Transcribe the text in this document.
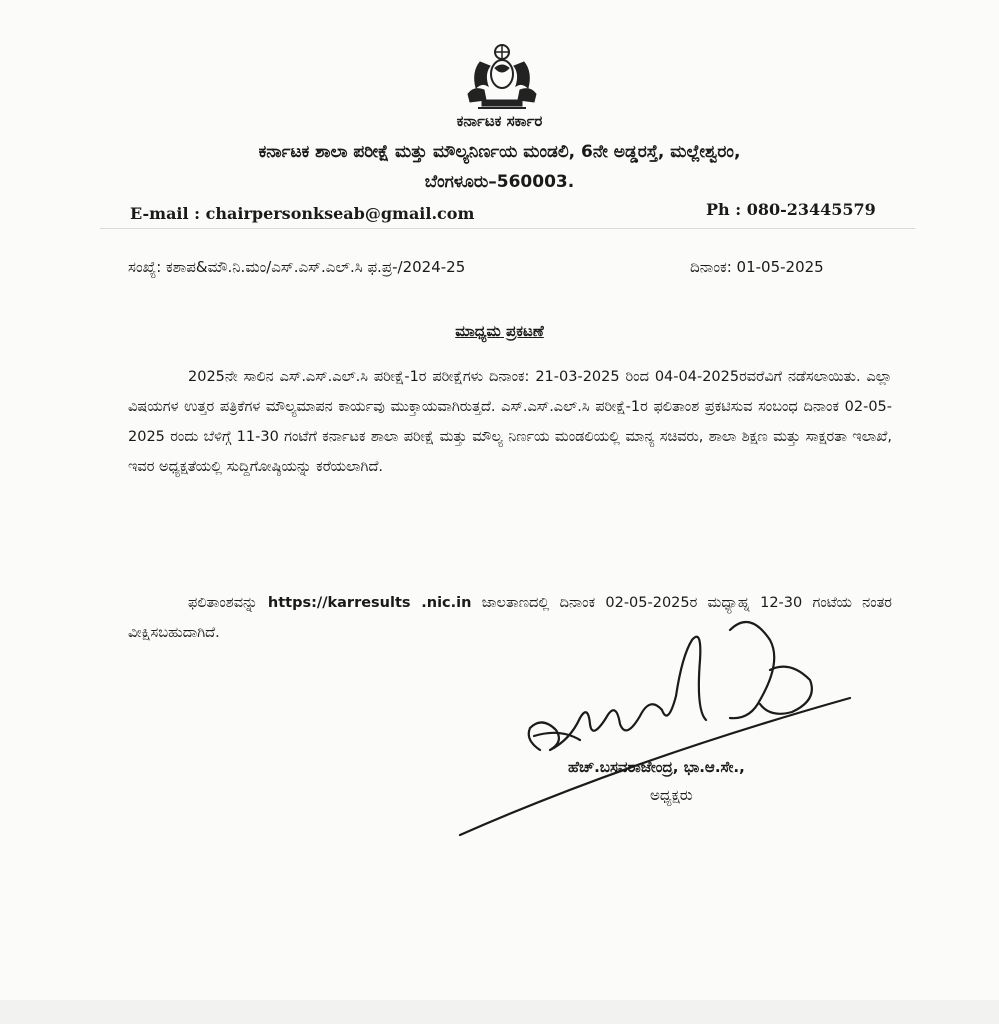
ಕರ್ನಾಟಕ ಸರ್ಕಾರ
ಕರ್ನಾಟಕ ಶಾಲಾ ಪರೀಕ್ಷೆ ಮತ್ತು ಮೌಲ್ಯನಿರ್ಣಯ ಮಂಡಲಿ, 6ನೇ ಅಡ್ಡರಸ್ತೆ, ಮಲ್ಲೇಶ್ವರಂ,
ಬೆಂಗಳೂರು–560003.
E-mail : chairpersonkseab@gmail.com	Ph : 080-23445579
ಸಂಖ್ಯೆ: ಕಶಾಪ&ಮೌ.ನಿ.ಮಂ/ಎಸ್.ಎಸ್.ಎಲ್.ಸಿ ಫ.ಪ್ರ-/2024-25	ದಿನಾಂಕ: 01-05-2025
ಮಾಧ್ಯಮ ಪ್ರಕಟಣೆ
2025ನೇ ಸಾಲಿನ ಎಸ್.ಎಸ್.ಎಲ್.ಸಿ ಪರೀಕ್ಷೆ-1ರ ಪರೀಕ್ಷೆಗಳು ದಿನಾಂಕ: 21-03-2025 ರಿಂದ 04-04-2025ರವರೆವಿಗೆ ನಡೆಸಲಾಯಿತು. ಎಲ್ಲಾ ವಿಷಯಗಳ ಉತ್ತರ ಪತ್ರಿಕೆಗಳ ಮೌಲ್ಯಮಾಪನ ಕಾರ್ಯವು ಮುಕ್ತಾಯವಾಗಿರುತ್ತದೆ. ಎಸ್.ಎಸ್.ಎಲ್.ಸಿ ಪರೀಕ್ಷೆ-1ರ ಫಲಿತಾಂಶ ಪ್ರಕಟಿಸುವ ಸಂಬಂಧ ದಿನಾಂಕ 02-05-2025 ರಂದು ಬೆಳಿಗ್ಗೆ 11-30 ಗಂಟೆಗೆ ಕರ್ನಾಟಕ ಶಾಲಾ ಪರೀಕ್ಷೆ ಮತ್ತು ಮೌಲ್ಯ ನಿರ್ಣಯ ಮಂಡಲಿಯಲ್ಲಿ ಮಾನ್ಯ ಸಚಿವರು, ಶಾಲಾ ಶಿಕ್ಷಣ ಮತ್ತು ಸಾಕ್ಷರತಾ ಇಲಾಖೆ, ಇವರ ಅಧ್ಯಕ್ಷತೆಯಲ್ಲಿ ಸುದ್ದಿಗೋಷ್ಠಿಯನ್ನು ಕರೆಯಲಾಗಿದೆ.
ಫಲಿತಾಂಶವನ್ನು https://karresults .nic.in ಜಾಲತಾಣದಲ್ಲಿ ದಿನಾಂಕ 02-05-2025ರ ಮಧ್ಯಾಹ್ನ 12-30 ಗಂಟೆಯ ನಂತರ ವೀಕ್ಷಿಸಬಹುದಾಗಿದೆ.
ಹೆಚ್.ಬಸವರಾಜೇಂದ್ರ, ಭಾ.ಆ.ಸೇ.,
ಅಧ್ಯಕ್ಷರು
